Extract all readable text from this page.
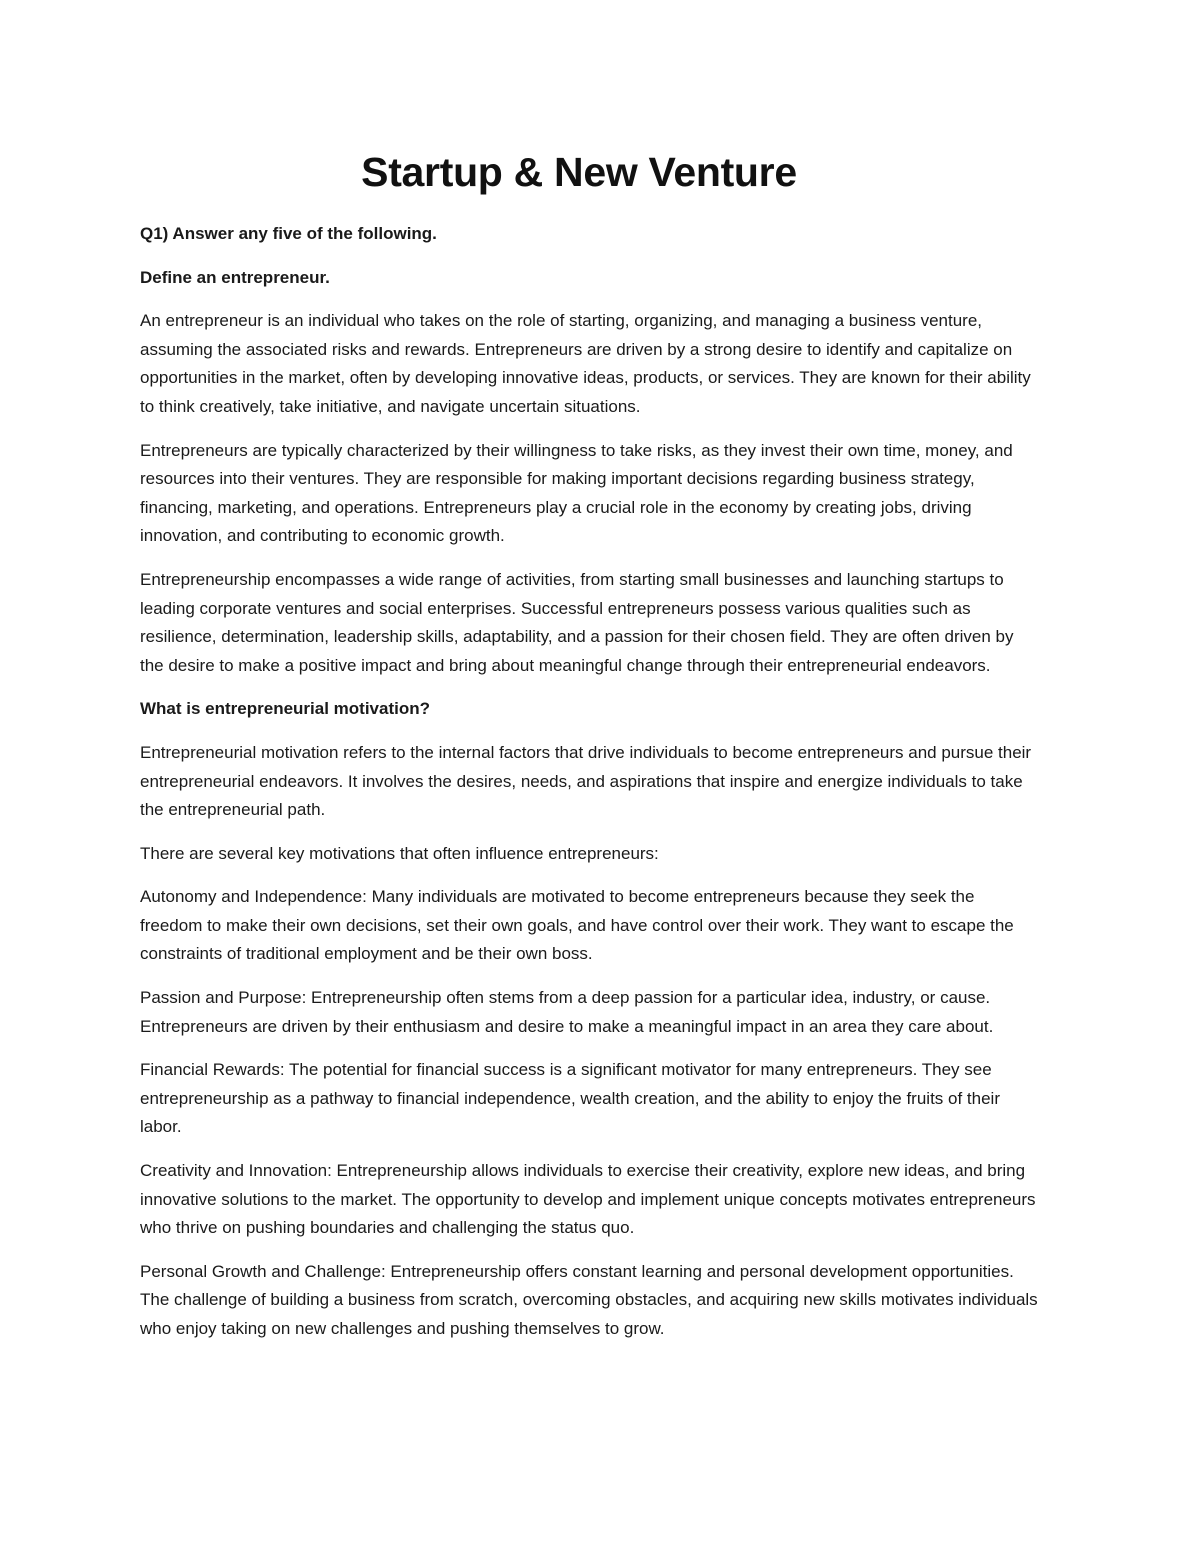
Startup & New Venture

Q1) Answer any five of the following.

Define an entrepreneur.

An entrepreneur is an individual who takes on the role of starting, organizing, and managing a business venture, assuming the associated risks and rewards. Entrepreneurs are driven by a strong desire to identify and capitalize on opportunities in the market, often by developing innovative ideas, products, or services. They are known for their ability to think creatively, take initiative, and navigate uncertain situations.

Entrepreneurs are typically characterized by their willingness to take risks, as they invest their own time, money, and resources into their ventures. They are responsible for making important decisions regarding business strategy, financing, marketing, and operations. Entrepreneurs play a crucial role in the economy by creating jobs, driving innovation, and contributing to economic growth.

Entrepreneurship encompasses a wide range of activities, from starting small businesses and launching startups to leading corporate ventures and social enterprises. Successful entrepreneurs possess various qualities such as resilience, determination, leadership skills, adaptability, and a passion for their chosen field. They are often driven by the desire to make a positive impact and bring about meaningful change through their entrepreneurial endeavors.

What is entrepreneurial motivation?

Entrepreneurial motivation refers to the internal factors that drive individuals to become entrepreneurs and pursue their entrepreneurial endeavors. It involves the desires, needs, and aspirations that inspire and energize individuals to take the entrepreneurial path.

There are several key motivations that often influence entrepreneurs:

Autonomy and Independence: Many individuals are motivated to become entrepreneurs because they seek the freedom to make their own decisions, set their own goals, and have control over their work. They want to escape the constraints of traditional employment and be their own boss.

Passion and Purpose: Entrepreneurship often stems from a deep passion for a particular idea, industry, or cause. Entrepreneurs are driven by their enthusiasm and desire to make a meaningful impact in an area they care about.

Financial Rewards: The potential for financial success is a significant motivator for many entrepreneurs. They see entrepreneurship as a pathway to financial independence, wealth creation, and the ability to enjoy the fruits of their labor.

Creativity and Innovation: Entrepreneurship allows individuals to exercise their creativity, explore new ideas, and bring innovative solutions to the market. The opportunity to develop and implement unique concepts motivates entrepreneurs who thrive on pushing boundaries and challenging the status quo.

Personal Growth and Challenge: Entrepreneurship offers constant learning and personal development opportunities. The challenge of building a business from scratch, overcoming obstacles, and acquiring new skills motivates individuals who enjoy taking on new challenges and pushing themselves to grow.
